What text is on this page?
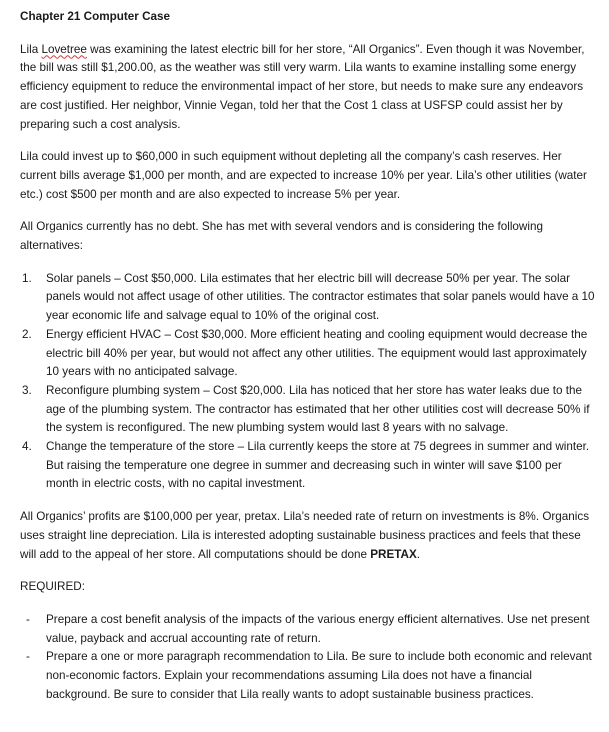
Chapter 21 Computer Case

Lila Lovetree was examining the latest electric bill for her store, “All Organics”. Even though it was November, the bill was still $1,200.00, as the weather was still very warm. Lila wants to examine installing some energy efficiency equipment to reduce the environmental impact of her store, but needs to make sure any endeavors are cost justified. Her neighbor, Vinnie Vegan, told her that the Cost 1 class at USFSP could assist her by preparing such a cost analysis.

Lila could invest up to $60,000 in such equipment without depleting all the company’s cash reserves. Her current bills average $1,000 per month, and are expected to increase 10% per year. Lila’s other utilities (water etc.) cost $500 per month and are also expected to increase 5% per year.

All Organics currently has no debt. She has met with several vendors and is considering the following alternatives:

1. Solar panels – Cost $50,000. Lila estimates that her electric bill will decrease 50% per year. The solar panels would not affect usage of other utilities. The contractor estimates that solar panels would have a 10 year economic life and salvage equal to 10% of the original cost.
2. Energy efficient HVAC – Cost $30,000. More efficient heating and cooling equipment would decrease the electric bill 40% per year, but would not affect any other utilities. The equipment would last approximately 10 years with no anticipated salvage.
3. Reconfigure plumbing system – Cost $20,000. Lila has noticed that her store has water leaks due to the age of the plumbing system. The contractor has estimated that her other utilities cost will decrease 50% if the system is reconfigured. The new plumbing system would last 8 years with no salvage.
4. Change the temperature of the store – Lila currently keeps the store at 75 degrees in summer and winter. But raising the temperature one degree in summer and decreasing such in winter will save $100 per month in electric costs, with no capital investment.

All Organics’ profits are $100,000 per year, pretax. Lila’s needed rate of return on investments is 8%. Organics uses straight line depreciation. Lila is interested adopting sustainable business practices and feels that these will add to the appeal of her store. All computations should be done PRETAX.

REQUIRED:

- Prepare a cost benefit analysis of the impacts of the various energy efficient alternatives. Use net present value, payback and accrual accounting rate of return.
- Prepare a one or more paragraph recommendation to Lila. Be sure to include both economic and relevant non-economic factors. Explain your recommendations assuming Lila does not have a financial background. Be sure to consider that Lila really wants to adopt sustainable business practices.
